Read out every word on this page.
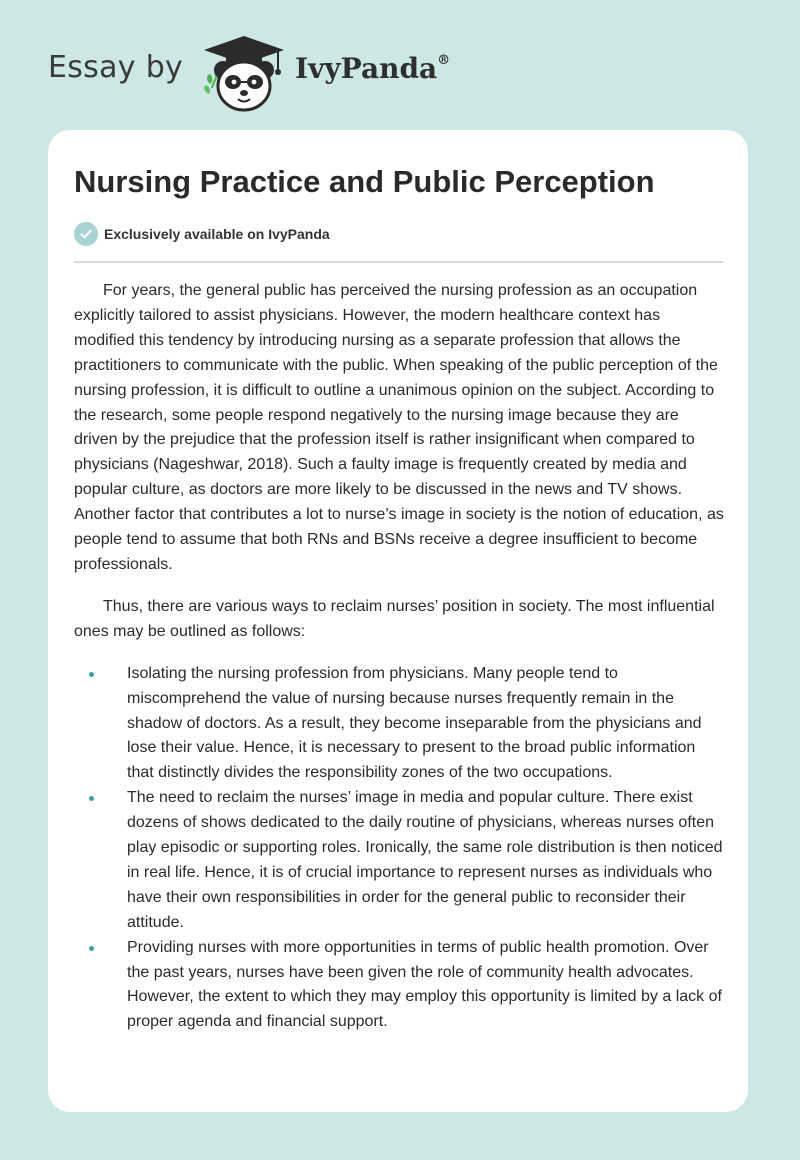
Essay by	IvyPanda®
Nursing Practice and Public Perception
Exclusively available on IvyPanda

For years, the general public has perceived the nursing profession as an occupation explicitly tailored to assist physicians. However, the modern healthcare context has modified this tendency by introducing nursing as a separate profession that allows the practitioners to communicate with the public. When speaking of the public perception of the nursing profession, it is difficult to outline a unanimous opinion on the subject. According to the research, some people respond negatively to the nursing image because they are driven by the prejudice that the profession itself is rather insignificant when compared to physicians (Nageshwar, 2018). Such a faulty image is frequently created by media and popular culture, as doctors are more likely to be discussed in the news and TV shows. Another factor that contributes a lot to nurse’s image in society is the notion of education, as people tend to assume that both RNs and BSNs receive a degree insufficient to become professionals.

Thus, there are various ways to reclaim nurses’ position in society. The most influential ones may be outlined as follows:

Isolating the nursing profession from physicians. Many people tend to miscomprehend the value of nursing because nurses frequently remain in the shadow of doctors. As a result, they become inseparable from the physicians and lose their value. Hence, it is necessary to present to the broad public information that distinctly divides the responsibility zones of the two occupations.
The need to reclaim the nurses’ image in media and popular culture. There exist dozens of shows dedicated to the daily routine of physicians, whereas nurses often play episodic or supporting roles. Ironically, the same role distribution is then noticed in real life. Hence, it is of crucial importance to represent nurses as individuals who have their own responsibilities in order for the general public to reconsider their attitude.
Providing nurses with more opportunities in terms of public health promotion. Over the past years, nurses have been given the role of community health advocates. However, the extent to which they may employ this opportunity is limited by a lack of proper agenda and financial support.
